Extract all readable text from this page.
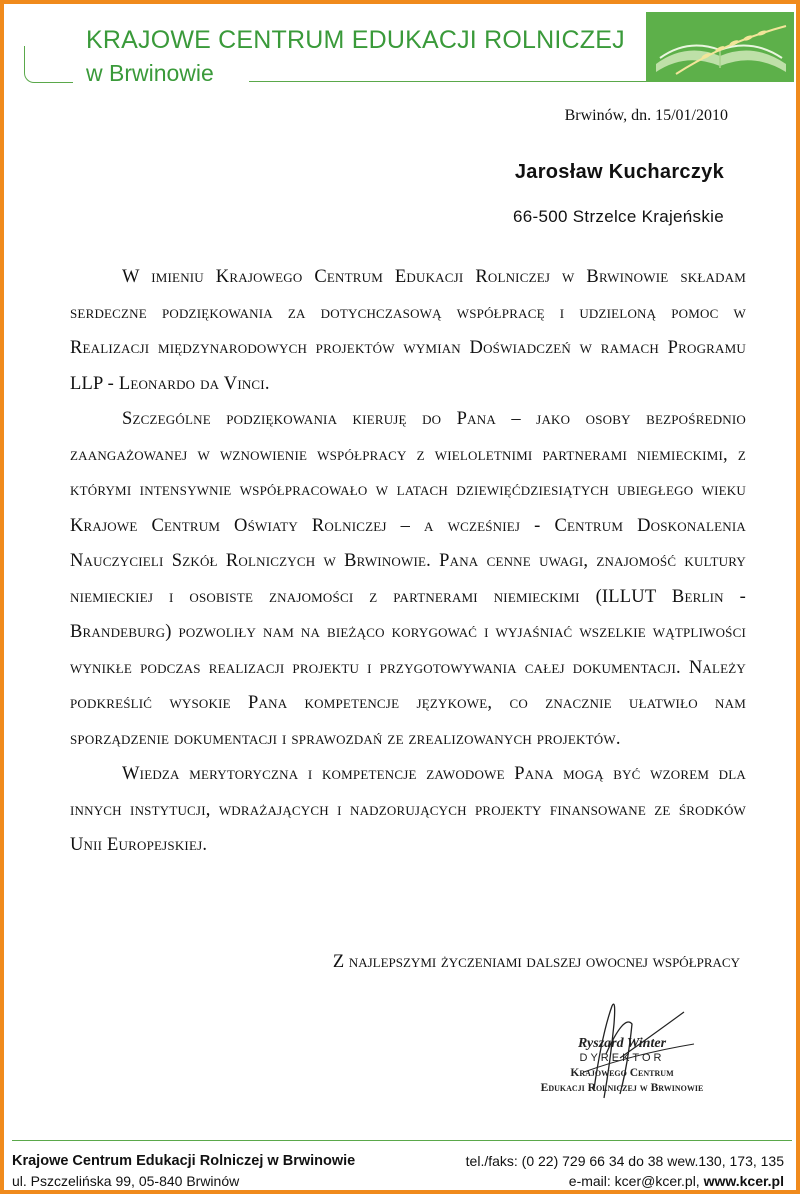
KRAJOWE CENTRUM EDUKACJI ROLNICZEJ
w Brwinowie
Brwinów, dn. 15/01/2010
Jarosław Kucharczyk
66-500 Strzelce Krajeńskie

W imieniu Krajowego Centrum Edukacji Rolniczej w Brwinowie składam serdeczne podziękowania za dotychczasową współpracę i udzieloną pomoc w Realizacji międzynarodowych projektów wymian Doświadczeń w ramach Programu LLP - Leonardo da Vinci.

Szczególne podziękowania kieruję do Pana – jako osoby bezpośrednio zaangażowanej w wznowienie współpracy z wieloletnimi partnerami niemieckimi, z którymi intensywnie współpracowało w latach dziewięćdziesiątych ubiegłego wieku Krajowe Centrum Oświaty Rolniczej – a wcześniej - Centrum Doskonalenia Nauczycieli Szkół Rolniczych w Brwinowie. Pana cenne uwagi, znajomość kultury niemieckiej i osobiste znajomości z partnerami niemieckimi (ILLUT Berlin - Brandeburg) pozwoliły nam na bieżąco korygować i wyjaśniać wszelkie wątpliwości wynikłe podczas realizacji projektu i przygotowywania całej dokumentacji. Należy podkreślić wysokie Pana kompetencje językowe, co znacznie ułatwiło nam sporządzenie dokumentacji i sprawozdań ze zrealizowanych projektów.

Wiedza merytoryczna i kompetencje zawodowe Pana mogą być wzorem dla innych instytucji, wdrażających i nadzorujących projekty finansowane ze środków Unii Europejskiej.

Z najlepszymi życzeniami dalszej owocnej współpracy
Ryszard Winter
DYREKTOR
Krajowego Centrum
Edukacji Rolniczej w Brwinowie
Krajowe Centrum Edukacji Rolniczej w Brwinowie
ul. Pszczelińska 99, 05-840 Brwinów
tel./faks: (0 22) 729 66 34 do 38 wew.130, 173, 135
e-mail: kcer@kcer.pl, www.kcer.pl
